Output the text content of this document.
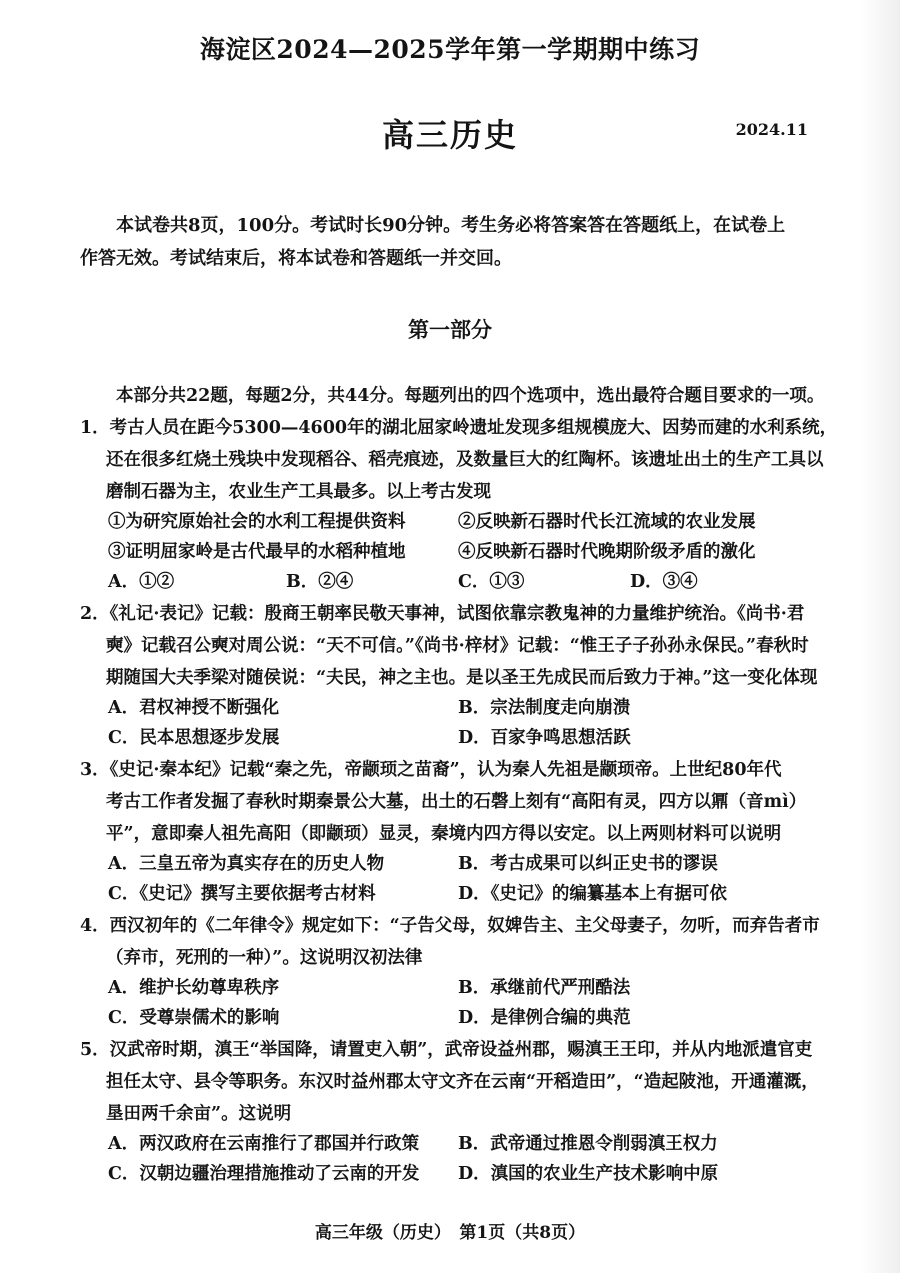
海淀区2024—2025学年第一学期期中练习
高三历史	2024.11
本试卷共8页，100分。考试时长90分钟。考生务必将答案答在答题纸上，在试卷上作答无效。考试结束后，将本试卷和答题纸一并交回。
第一部分
本部分共22题，每题2分，共44分。每题列出的四个选项中，选出最符合题目要求的一项。
1．考古人员在距今5300—4600年的湖北屈家岭遗址发现多组规模庞大、因势而建的水利系统，
还在很多红烧土残块中发现稻谷、稻壳痕迹，及数量巨大的红陶杯。该遗址出土的生产工具以
磨制石器为主，农业生产工具最多。以上考古发现
①为研究原始社会的水利工程提供资料	②反映新石器时代长江流域的农业发展
③证明屈家岭是古代最早的水稻种植地	④反映新石器时代晚期阶级矛盾的激化
A．①②	B．②④	C．①③	D．③④
2．《礼记·表记》记载：殷商王朝率民敬天事神，试图依靠宗教鬼神的力量维护统治。《尚书·君
奭》记载召公奭对周公说：“天不可信。”《尚书·梓材》记载：“惟王子子孙孙永保民。”春秋时
期随国大夫季梁对随侯说：“夫民，神之主也。是以圣王先成民而后致力于神。”这一变化体现
A．君权神授不断强化	B．宗法制度走向崩溃
C．民本思想逐步发展	D．百家争鸣思想活跃
3．《史记·秦本纪》记载“秦之先，帝颛顼之苗裔”，认为秦人先祖是颛顼帝。上世纪80年代
考古工作者发掘了春秋时期秦景公大墓，出土的石磬上刻有“高阳有灵，四方以鼏（音mì）
平”，意即秦人祖先高阳（即颛顼）显灵，秦境内四方得以安定。以上两则材料可以说明
A．三皇五帝为真实存在的历史人物	B．考古成果可以纠正史书的谬误
C．《史记》撰写主要依据考古材料	D．《史记》的编纂基本上有据可依
4．西汉初年的《二年律令》规定如下：“子告父母，奴婢告主、主父母妻子，勿听，而弃告者市
（弃市，死刑的一种）”。这说明汉初法律
A．维护长幼尊卑秩序	B．承继前代严刑酷法
C．受尊崇儒术的影响	D．是律例合编的典范
5．汉武帝时期，滇王“举国降，请置吏入朝”，武帝设益州郡，赐滇王王印，并从内地派遣官吏
担任太守、县令等职务。东汉时益州郡太守文齐在云南“开稻造田”，“造起陂池，开通灌溉，
垦田两千余亩”。这说明
A．两汉政府在云南推行了郡国并行政策 B．武帝通过推恩令削弱滇王权力
C．汉朝边疆治理措施推动了云南的开发 D．滇国的农业生产技术影响中原
高三年级（历史）　第1页（共8页）
